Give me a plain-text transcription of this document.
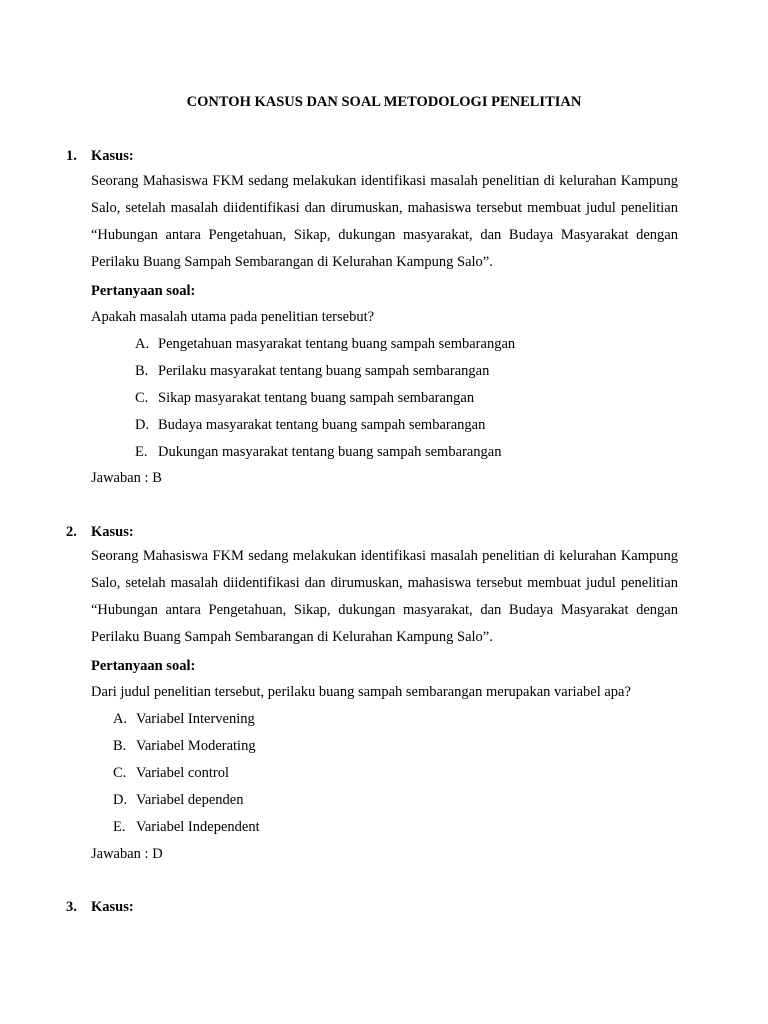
CONTOH KASUS DAN SOAL METODOLOGI PENELITIAN
1. Kasus:
Seorang Mahasiswa FKM sedang melakukan identifikasi masalah penelitian di kelurahan Kampung Salo, setelah masalah diidentifikasi dan dirumuskan, mahasiswa tersebut membuat judul penelitian “Hubungan antara Pengetahuan, Sikap, dukungan masyarakat, dan Budaya Masyarakat dengan Perilaku Buang Sampah Sembarangan di Kelurahan Kampung Salo”.
Pertanyaan soal:
Apakah masalah utama pada penelitian tersebut?
A. Pengetahuan masyarakat tentang buang sampah sembarangan
B. Perilaku masyarakat tentang buang sampah sembarangan
C. Sikap masyarakat tentang buang sampah sembarangan
D. Budaya masyarakat tentang buang sampah sembarangan
E. Dukungan masyarakat tentang buang sampah sembarangan
Jawaban : B
2. Kasus:
Seorang Mahasiswa FKM sedang melakukan identifikasi masalah penelitian di kelurahan Kampung Salo, setelah masalah diidentifikasi dan dirumuskan, mahasiswa tersebut membuat judul penelitian “Hubungan antara Pengetahuan, Sikap, dukungan masyarakat, dan Budaya Masyarakat dengan Perilaku Buang Sampah Sembarangan di Kelurahan Kampung Salo”.
Pertanyaan soal:
Dari judul penelitian tersebut, perilaku buang sampah sembarangan merupakan variabel apa?
A. Variabel Intervening
B. Variabel Moderating
C. Variabel control
D. Variabel dependen
E. Variabel Independent
Jawaban : D
3. Kasus:
